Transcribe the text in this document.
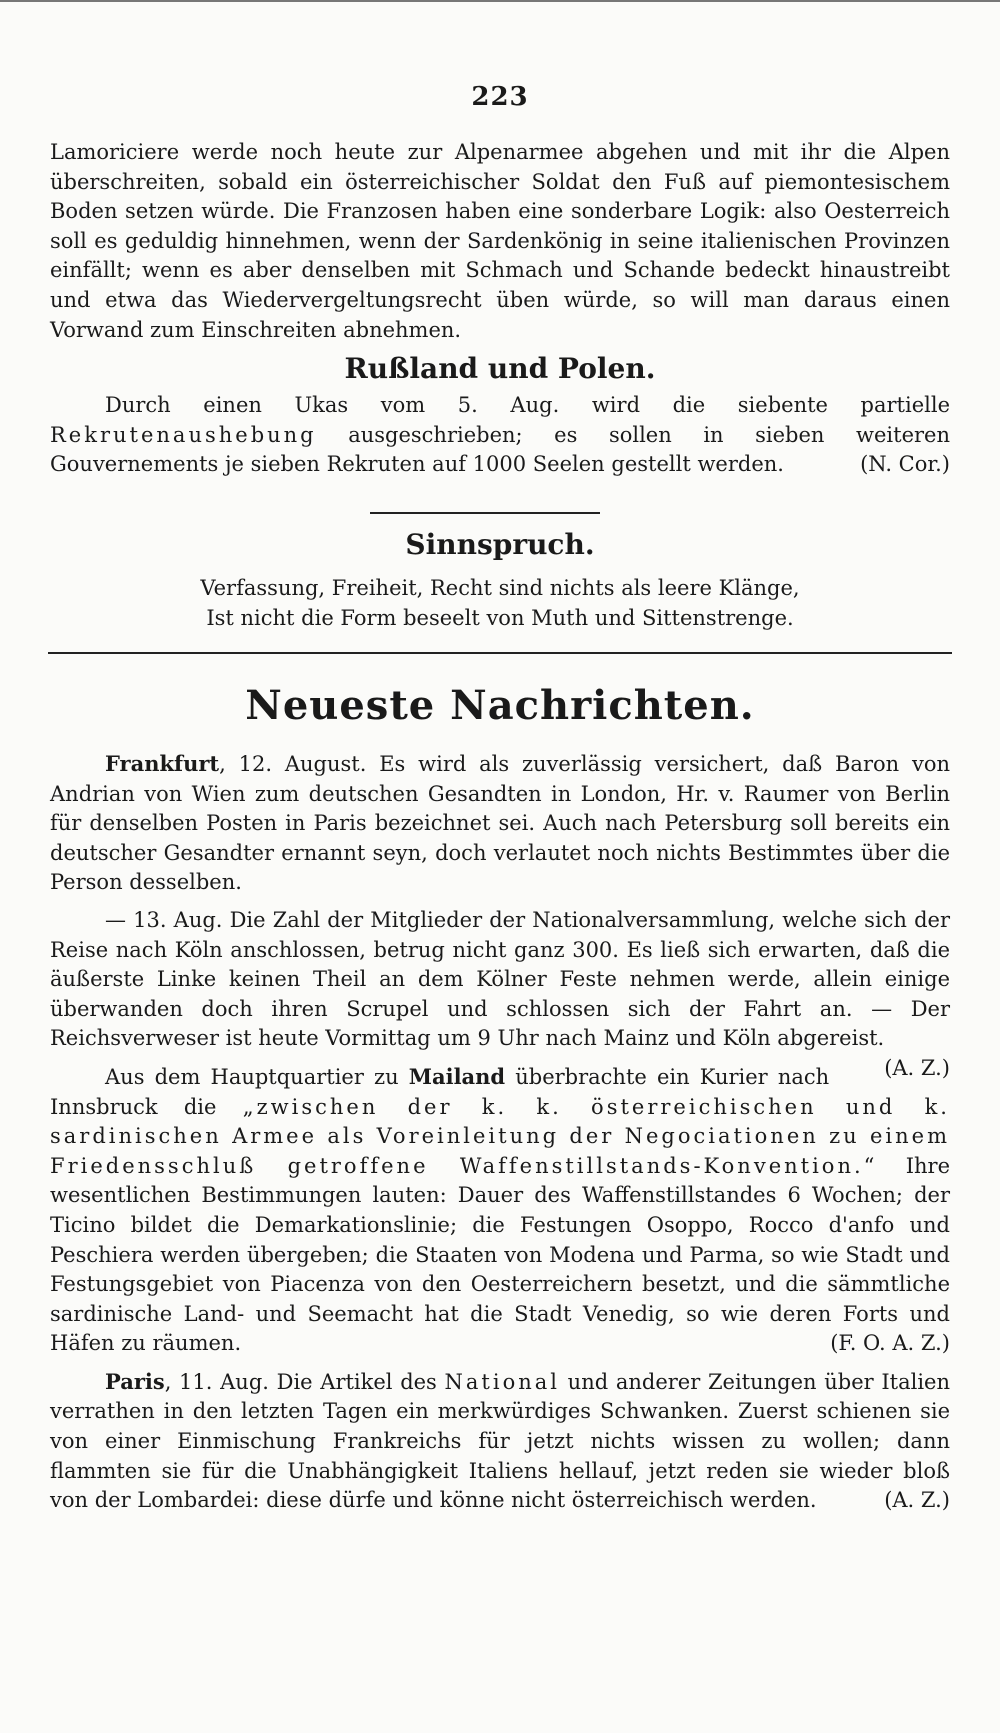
223

Lamoriciere werde noch heute zur Alpenarmee abgehen und mit ihr die Alpen überschreiten, sobald ein österreichischer Soldat den Fuß auf piemontesischem Boden setzen würde. Die Franzosen haben eine sonderbare Logik: also Oesterreich soll es geduldig hinnehmen, wenn der Sardenkönig in seine italienischen Provinzen einfällt; wenn es aber denselben mit Schmach und Schande bedeckt hinaustreibt und etwa das Wiedervergeltungsrecht üben würde, so will man daraus einen Vorwand zum Einschreiten abnehmen.

Rußland und Polen.

Durch einen Ukas vom 5. Aug. wird die siebente partielle Rekrutenaushebung ausgeschrieben; es sollen in sieben weiteren Gouvernements je sieben Rekruten auf 1000 Seelen gestellt werden.	(N. Cor.)

Sinnspruch.

Verfassung, Freiheit, Recht sind nichts als leere Klänge,

Ist nicht die Form beseelt von Muth und Sittenstrenge.

Neueste Nachrichten.

Frankfurt, 12. August. Es wird als zuverlässig versichert, daß Baron von Andrian von Wien zum deutschen Gesandten in London, Hr. v. Raumer von Berlin für denselben Posten in Paris bezeichnet sei. Auch nach Petersburg soll bereits ein deutscher Gesandter ernannt seyn, doch verlautet noch nichts Bestimmtes über die Person desselben.

— 13. Aug. Die Zahl der Mitglieder der Nationalversammlung, welche sich der Reise nach Köln anschlossen, betrug nicht ganz 300. Es ließ sich erwarten, daß die äußerste Linke keinen Theil an dem Kölner Feste nehmen werde, allein einige überwanden doch ihren Scrupel und schlossen sich der Fahrt an. — Der Reichsverweser ist heute Vormittag um 9 Uhr nach Mainz und Köln abgereist.
(A. Z.)

Aus dem Hauptquartier zu Mailand überbrachte ein Kurier nach Innsbruck die „zwischen der k. k. österreichischen und k. sardinischen Armee als Voreinleitung der Negociationen zu einem Friedensschluß getroffene Waffenstillstands-Konvention.“ Ihre wesentlichen Bestimmungen lauten: Dauer des Waffenstillstandes 6 Wochen; der Ticino bildet die Demarkationslinie; die Festungen Osoppo, Rocco d'anfo und Peschiera werden übergeben; die Staaten von Modena und Parma, so wie Stadt und Festungsgebiet von Piacenza von den Oesterreichern besetzt, und die sämmtliche sardinische Land- und Seemacht hat die Stadt Venedig, so wie deren Forts und Häfen zu räumen.	(F. O. A. Z.)

Paris, 11. Aug. Die Artikel des National und anderer Zeitungen über Italien verrathen in den letzten Tagen ein merkwürdiges Schwanken. Zuerst schienen sie von einer Einmischung Frankreichs für jetzt nichts wissen zu wollen; dann flammten sie für die Unabhängigkeit Italiens hellauf, jetzt reden sie wieder bloß von der Lombardei: diese dürfe und könne nicht österreichisch werden.	(A. Z.)
